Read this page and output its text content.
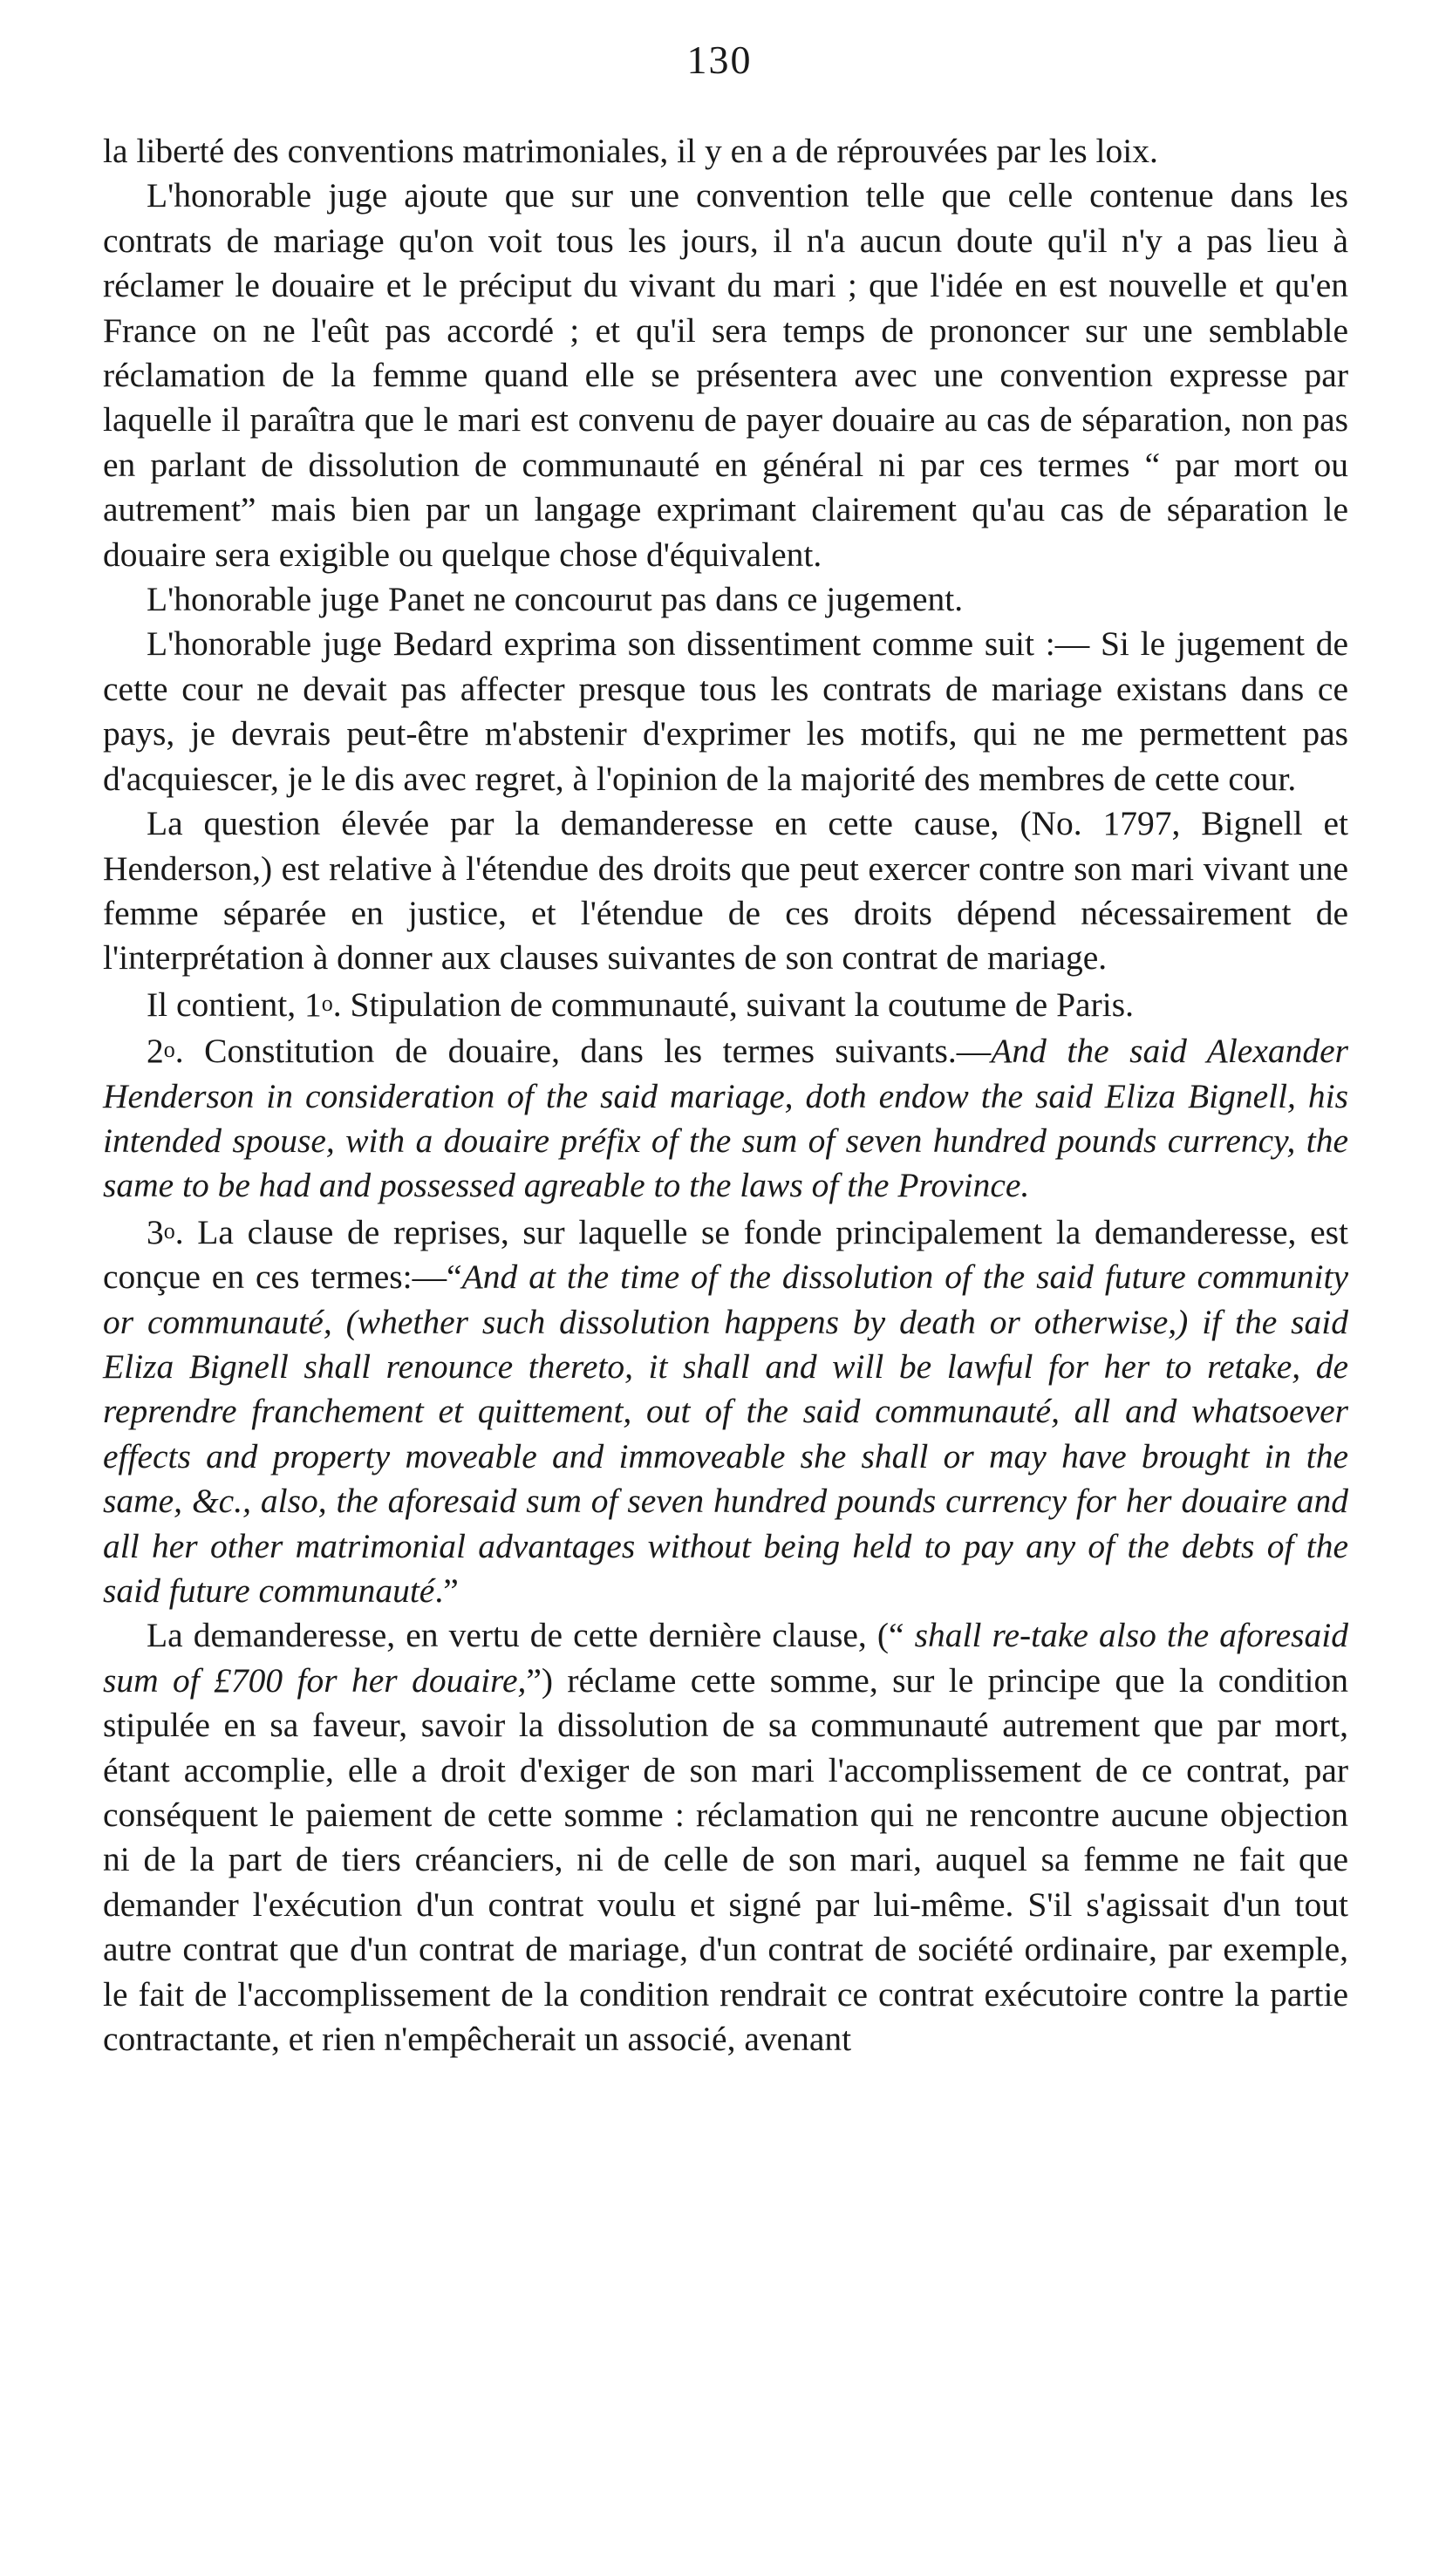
130

la liberté des conventions matrimoniales, il y en a de réprouvées par les loix.

L'honorable juge ajoute que sur une convention telle que celle contenue dans les contrats de mariage qu'on voit tous les jours, il n'a aucun doute qu'il n'y a pas lieu à réclamer le douaire et le préciput du vivant du mari ; que l'idée en est nouvelle et qu'en France on ne l'eût pas accordé ; et qu'il sera temps de prononcer sur une semblable réclamation de la femme quand elle se présentera avec une convention expresse par laquelle il paraîtra que le mari est convenu de payer douaire au cas de séparation, non pas en parlant de dissolution de communauté en général ni par ces termes “ par mort ou autrement” mais bien par un langage exprimant clairement qu'au cas de séparation le douaire sera exigible ou quelque chose d'équivalent.

L'honorable juge Panet ne concourut pas dans ce jugement.

L'honorable juge Bedard exprima son dissentiment comme suit :— Si le jugement de cette cour ne devait pas affecter presque tous les contrats de mariage existans dans ce pays, je devrais peut-être m'abstenir d'exprimer les motifs, qui ne me permettent pas d'acquiescer, je le dis avec regret, à l'opinion de la majorité des membres de cette cour.

La question élevée par la demanderesse en cette cause, (No. 1797, Bignell et Henderson,) est relative à l'étendue des droits que peut exercer contre son mari vivant une femme séparée en justice, et l'étendue de ces droits dépend nécessairement de l'interprétation à donner aux clauses suivantes de son contrat de mariage.

Il contient, 1o. Stipulation de communauté, suivant la coutume de Paris.

2o. Constitution de douaire, dans les termes suivants.—And the said Alexander Henderson in consideration of the said mariage, doth endow the said Eliza Bignell, his intended spouse, with a douaire préfix of the sum of seven hundred pounds currency, the same to be had and possessed agreable to the laws of the Province.

3o. La clause de reprises, sur laquelle se fonde principalement la demanderesse, est conçue en ces termes:—“And at the time of the dissolution of the said future community or communauté, (whether such dissolution happens by death or otherwise,) if the said Eliza Bignell shall renounce thereto, it shall and will be lawful for her to retake, de reprendre franchement et quittement, out of the said communauté, all and whatsoever effects and property moveable and immoveable she shall or may have brought in the same, &c., also, the aforesaid sum of seven hundred pounds currency for her douaire and all her other matrimonial advantages without being held to pay any of the debts of the said future communauté.”

La demanderesse, en vertu de cette dernière clause, (“ shall re-take also the aforesaid sum of £700 for her douaire,”) réclame cette somme, sur le principe que la condition stipulée en sa faveur, savoir la dissolution de sa communauté autrement que par mort, étant accomplie, elle a droit d'exiger de son mari l'accomplissement de ce contrat, par conséquent le paiement de cette somme : réclamation qui ne rencontre aucune objection ni de la part de tiers créanciers, ni de celle de son mari, auquel sa femme ne fait que demander l'exécution d'un contrat voulu et signé par lui-même. S'il s'agissait d'un tout autre contrat que d'un contrat de mariage, d'un contrat de société ordinaire, par exemple, le fait de l'accomplissement de la condition rendrait ce contrat exécutoire contre la partie contractante, et rien n'empêcherait un associé, avenant
